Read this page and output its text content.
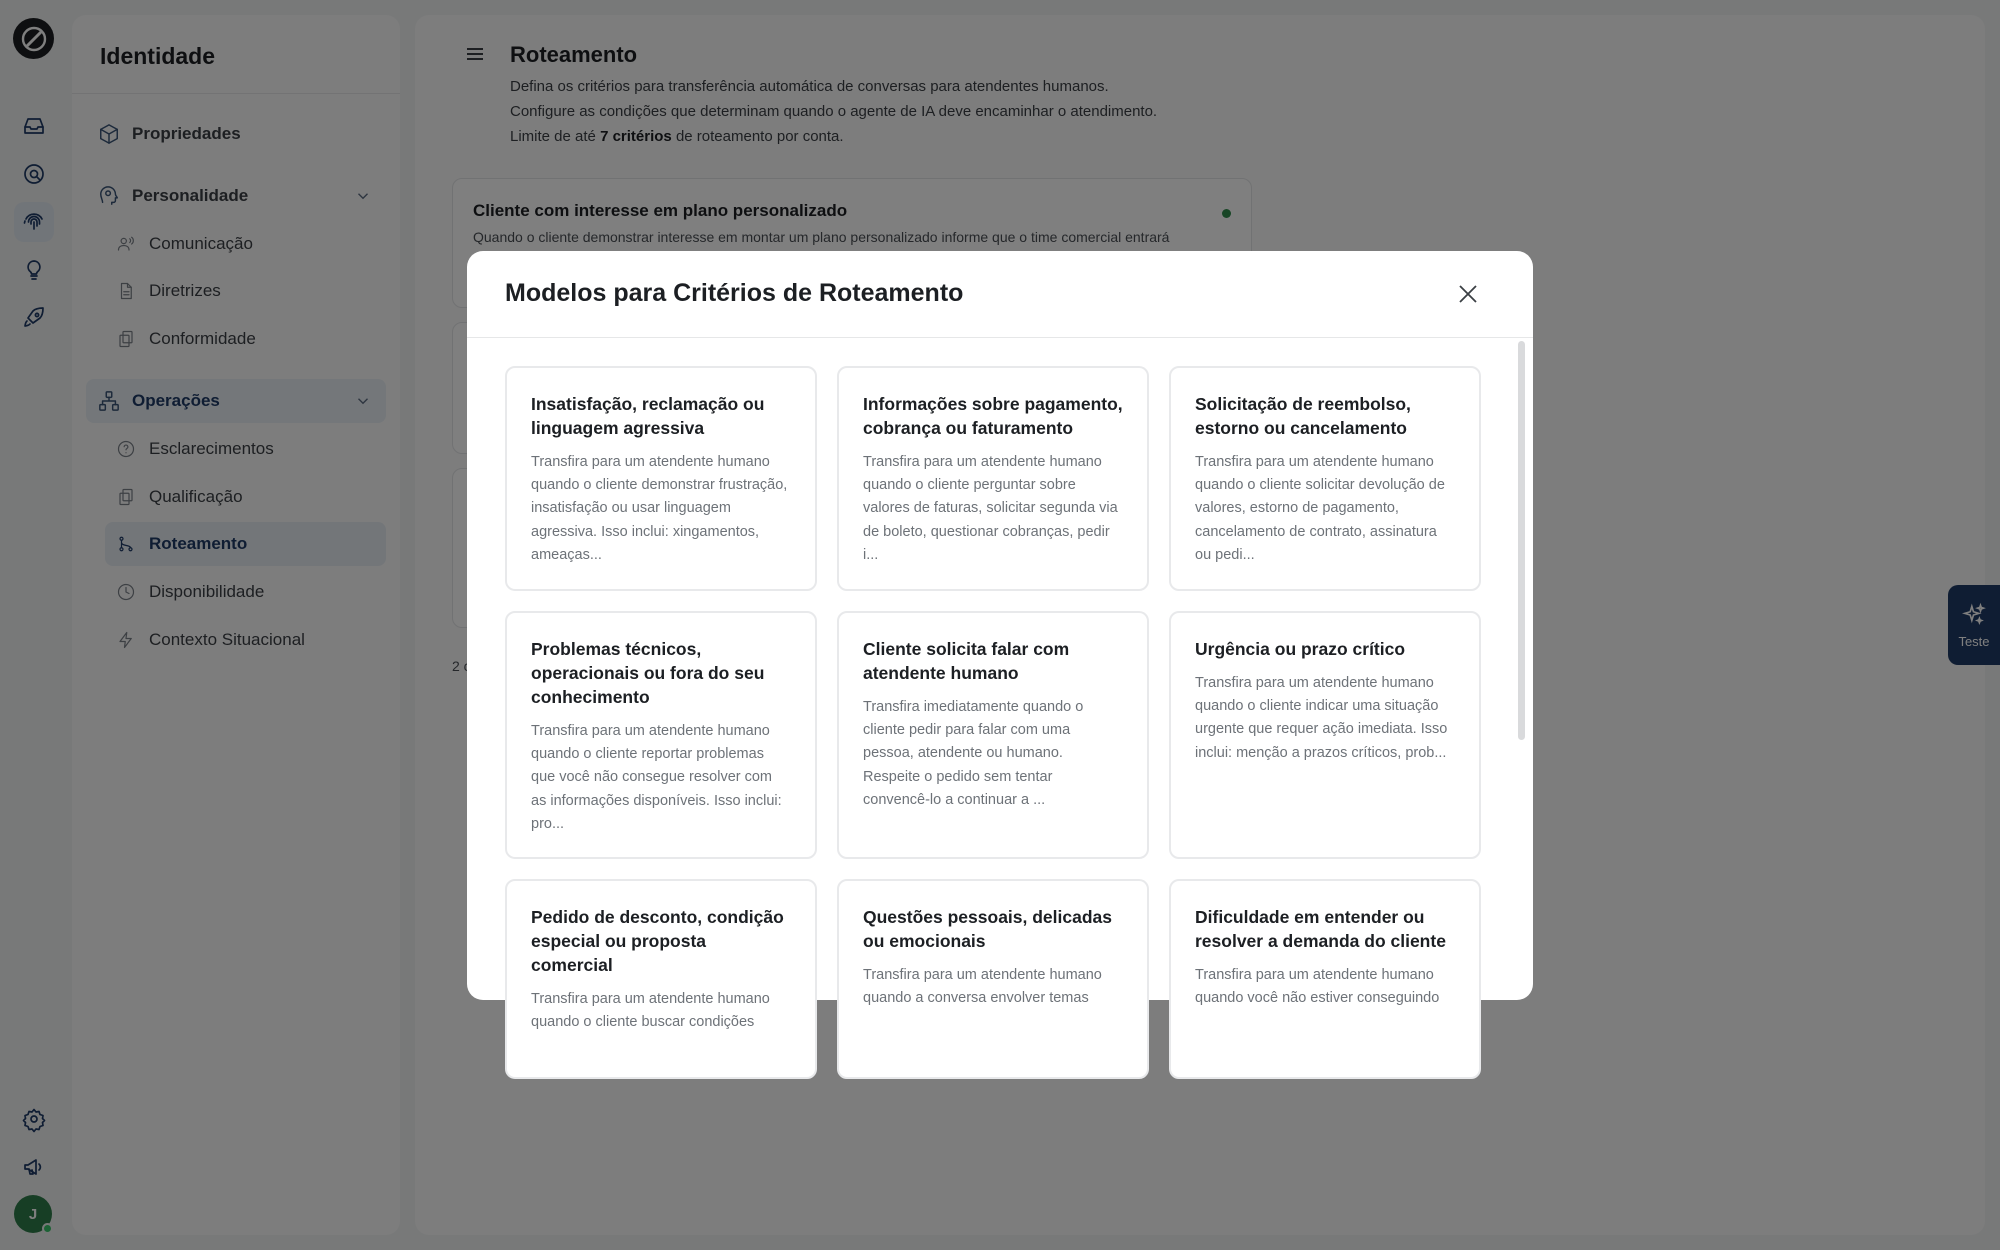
Modelos para Critérios de Roteamento
Insatisfação, reclamação ou linguagem agressiva
Transfira para um atendente humano quando o cliente demonstrar frustração, insatisfação ou usar linguagem agressiva. Isso inclui: xingamentos, ameaças...
Informações sobre pagamento, cobrança ou faturamento
Transfira para um atendente humano quando o cliente perguntar sobre valores de faturas, solicitar segunda via de boleto, questionar cobranças, pedir i...
Solicitação de reembolso, estorno ou cancelamento
Transfira para um atendente humano quando o cliente solicitar devolução de valores, estorno de pagamento, cancelamento de contrato, assinatura ou pedi...
Problemas técnicos, operacionais ou fora do seu conhecimento
Transfira para um atendente humano quando o cliente reportar problemas que você não consegue resolver com as informações disponíveis. Isso inclui: pro...
Cliente solicita falar com atendente humano
Transfira imediatamente quando o cliente pedir para falar com uma pessoa, atendente ou humano. Respeite o pedido sem tentar convencê-lo a continuar a ...
Urgência ou prazo crítico
Transfira para um atendente humano quando o cliente indicar uma situação urgente que requer ação imediata. Isso inclui: menção a prazos críticos, prob...
Pedido de desconto, condição especial ou proposta comercial
Transfira para um atendente humano quando o cliente buscar condições
Questões pessoais, delicadas ou emocionais
Transfira para um atendente humano quando a conversa envolver temas
Dificuldade em entender ou resolver a demanda do cliente
Transfira para um atendente humano quando você não estiver conseguindo
